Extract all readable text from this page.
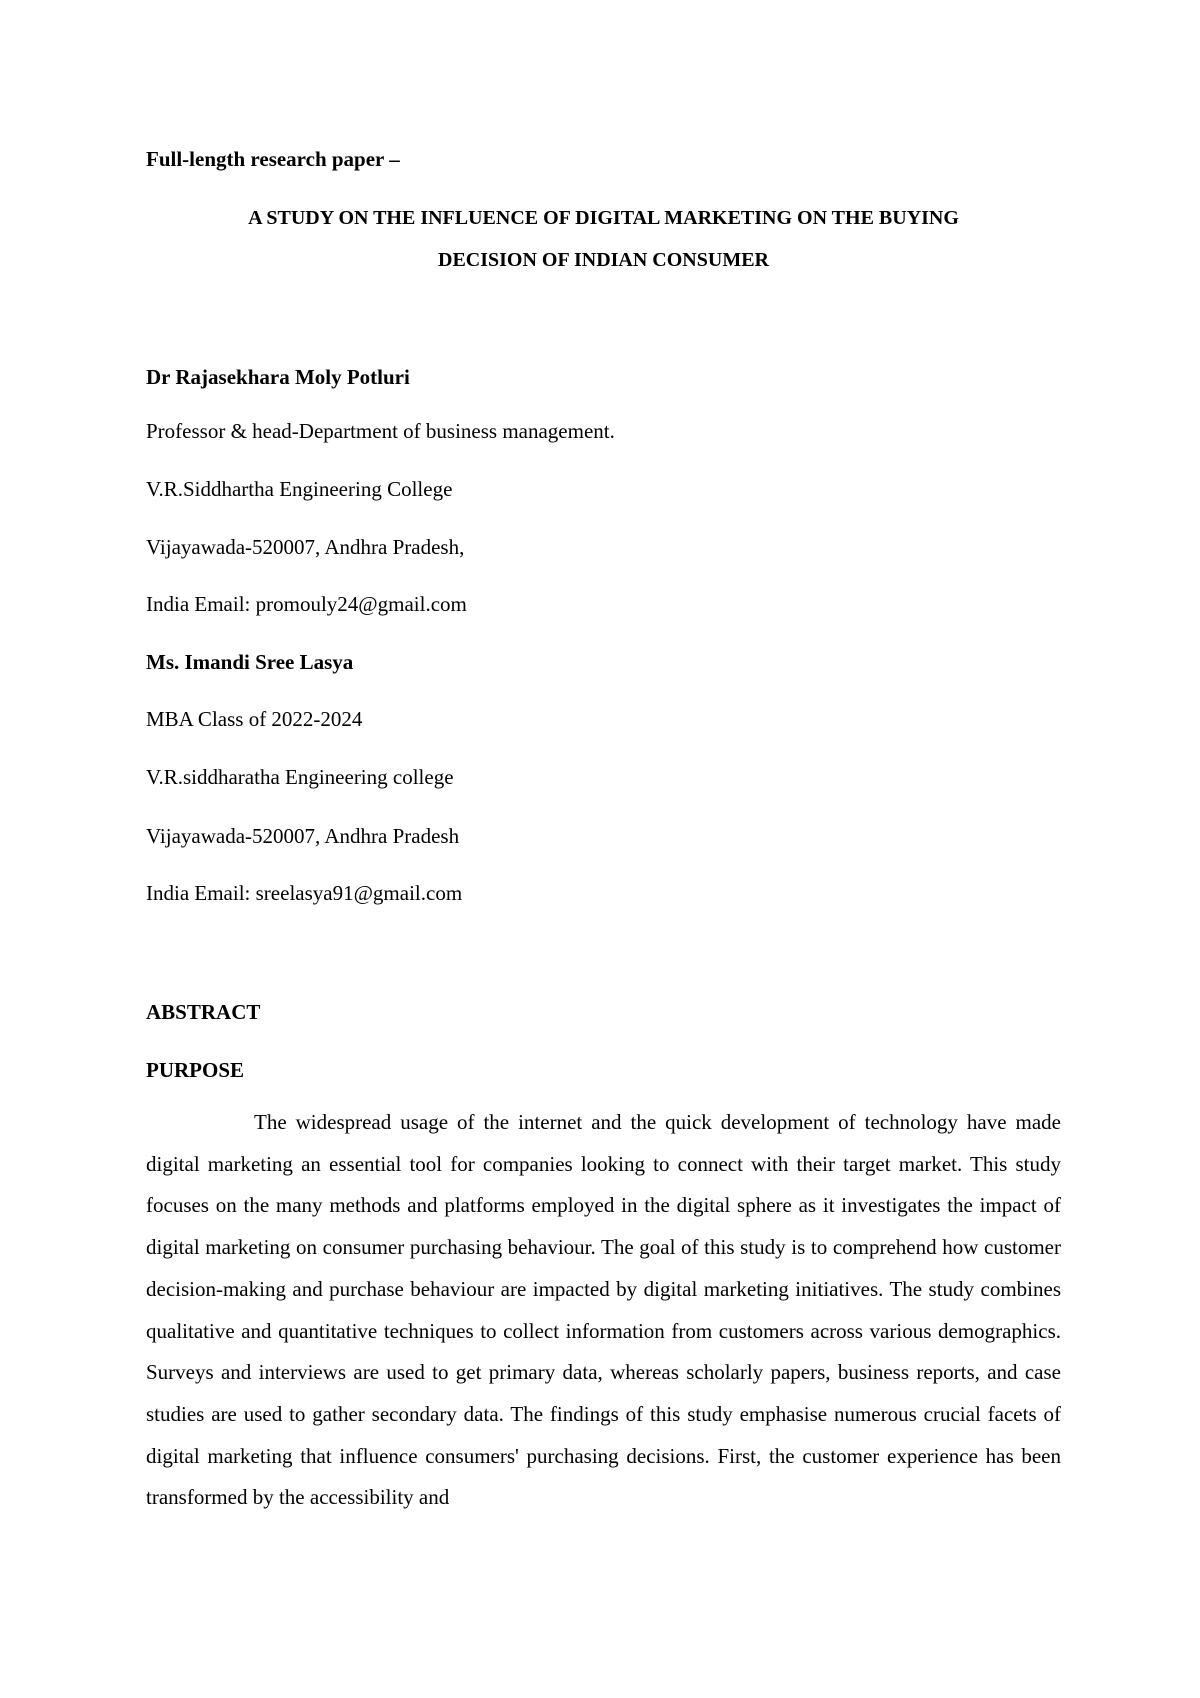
Full-length research paper –

A STUDY ON THE INFLUENCE OF DIGITAL MARKETING ON THE BUYING
DECISION OF INDIAN CONSUMER

Dr Rajasekhara Moly Potluri

Professor & head-Department of business management.

V.R.Siddhartha Engineering College

Vijayawada-520007, Andhra Pradesh,

India Email: promouly24@gmail.com

Ms. Imandi Sree Lasya

MBA Class of 2022-2024

V.R.siddharatha Engineering college

Vijayawada-520007, Andhra Pradesh

India Email: sreelasya91@gmail.com

ABSTRACT

PURPOSE

The widespread usage of the internet and the quick development of technology have made digital marketing an essential tool for companies looking to connect with their target market. This study focuses on the many methods and platforms employed in the digital sphere as it investigates the impact of digital marketing on consumer purchasing behaviour. The goal of this study is to comprehend how customer decision-making and purchase behaviour are impacted by digital marketing initiatives. The study combines qualitative and quantitative techniques to collect information from customers across various demographics. Surveys and interviews are used to get primary data, whereas scholarly papers, business reports, and case studies are used to gather secondary data. The findings of this study emphasise numerous crucial facets of digital marketing that influence consumers' purchasing decisions. First, the customer experience has been transformed by the accessibility and
